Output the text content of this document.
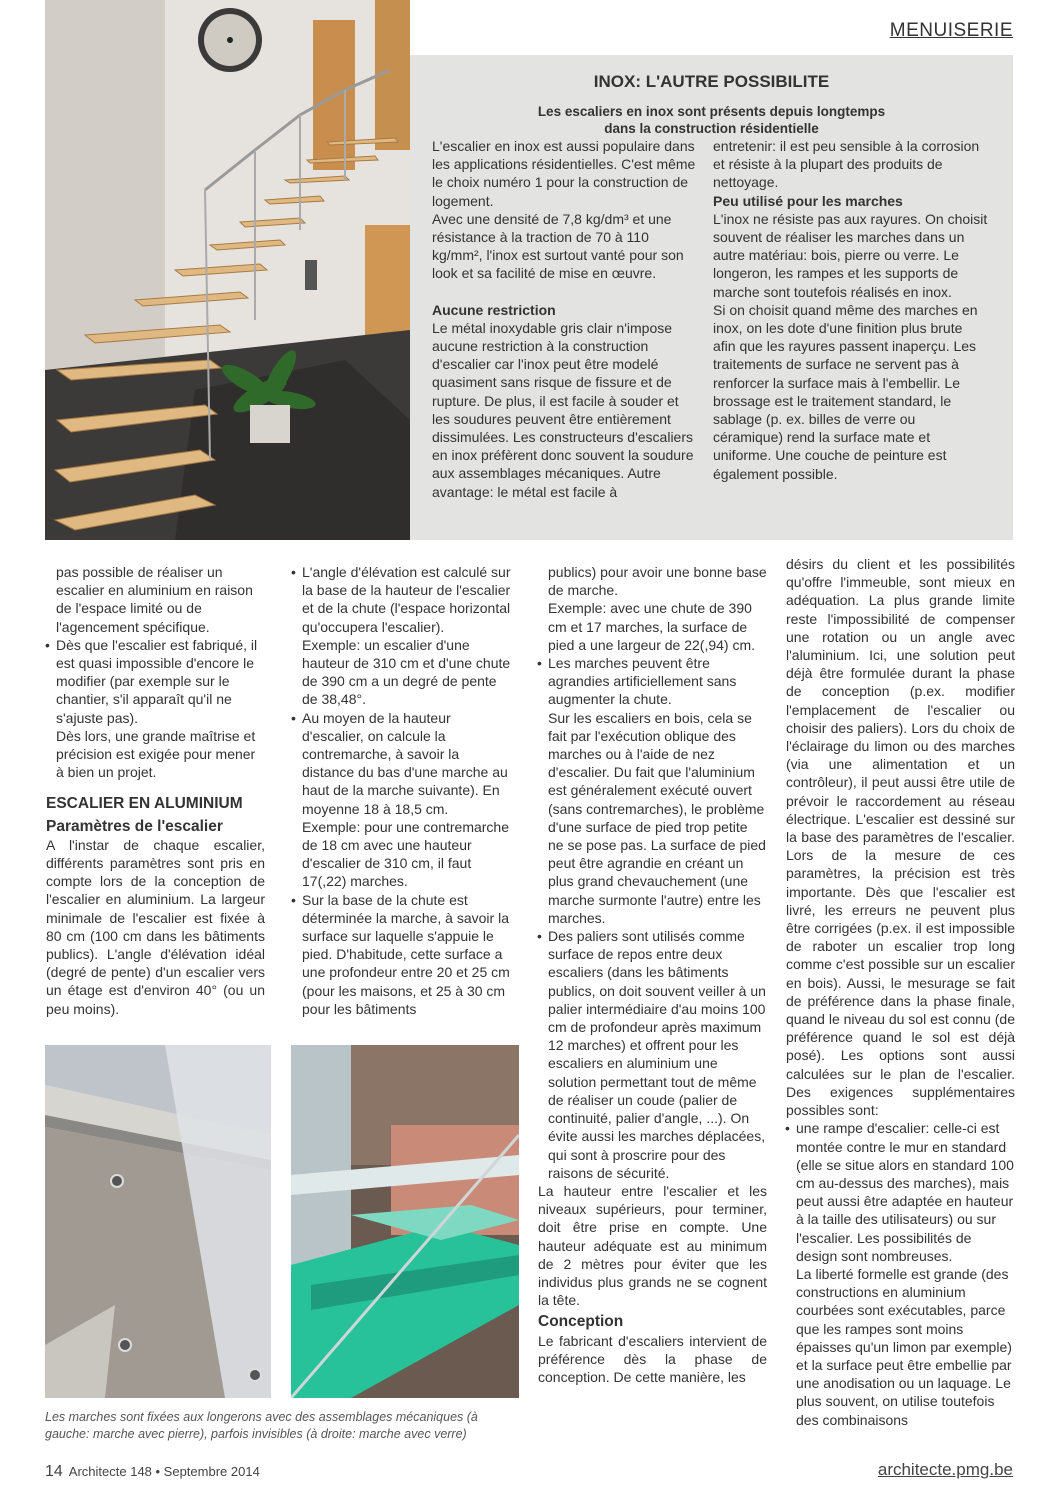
MENUISERIE
INOX: L'AUTRE POSSIBILITE
Les escaliers en inox sont présents depuis longtemps
dans la construction résidentielle

L'escalier en inox est aussi populaire dans les applications résidentielles. C'est même le choix numéro 1 pour la construction de logement.

Avec une densité de 7,8 kg/dm³ et une résistance à la traction de 70 à 110 kg/mm², l'inox est surtout vanté pour son look et sa facilité de mise en œuvre.

Aucune restriction

Le métal inoxydable gris clair n'impose aucune restriction à la construction d'escalier car l'inox peut être modelé quasiment sans risque de fissure et de rupture. De plus, il est facile à souder et les soudures peuvent être entièrement dissimulées. Les constructeurs d'escaliers en inox préfèrent donc souvent la soudure aux assemblages mécaniques. Autre avantage: le métal est facile à

entretenir: il est peu sensible à la corrosion et résiste à la plupart des produits de nettoyage.

Peu utilisé pour les marches

L'inox ne résiste pas aux rayures. On choisit souvent de réaliser les marches dans un autre matériau: bois, pierre ou verre. Le longeron, les rampes et les supports de marche sont toutefois réalisés en inox.

Si on choisit quand même des marches en inox, on les dote d'une finition plus brute afin que les rayures passent inaperçu. Les traitements de surface ne servent pas à renforcer la surface mais à l'embellir. Le brossage est le traitement standard, le sablage (p. ex. billes de verre ou céramique) rend la surface mate et uniforme. Une couche de peinture est également possible.

pas possible de réaliser un escalier en aluminium en raison de l'espace limité ou de l'agencement spécifique.

• Dès que l'escalier est fabriqué, il est quasi impossible d'encore le modifier (par exemple sur le chantier, s'il apparaît qu'il ne s'ajuste pas).

Dès lors, une grande maîtrise et précision est exigée pour mener à bien un projet.

ESCALIER EN ALUMINIUM

Paramètres de l'escalier

A l'instar de chaque escalier, différents paramètres sont pris en compte lors de la conception de l'escalier en aluminium. La largeur minimale de l'escalier est fixée à 80 cm (100 cm dans les bâtiments publics). L'angle d'élévation idéal (degré de pente) d'un escalier vers un étage est d'environ 40° (ou un peu moins).

• L'angle d'élévation est calculé sur la base de la hauteur de l'escalier et de la chute (l'espace horizontal qu'occupera l'escalier).

Exemple: un escalier d'une hauteur de 310 cm et d'une chute de 390 cm a un degré de pente de 38,48°.

• Au moyen de la hauteur d'escalier, on calcule la contremarche, à savoir la distance du bas d'une marche au haut de la marche suivante). En moyenne 18 à 18,5 cm.

Exemple: pour une contremarche de 18 cm avec une hauteur d'escalier de 310 cm, il faut 17(,22) marches.

• Sur la base de la chute est déterminée la marche, à savoir la surface sur laquelle s'appuie le pied. D'habitude, cette surface a une profondeur entre 20 et 25 cm (pour les maisons, et 25 à 30 cm pour les bâtiments

publics) pour avoir une bonne base de marche.

Exemple: avec une chute de 390 cm et 17 marches, la surface de pied a une largeur de 22(,94) cm.

• Les marches peuvent être agrandies artificiellement sans augmenter la chute.

Sur les escaliers en bois, cela se fait par l'exécution oblique des marches ou à l'aide de nez d'escalier. Du fait que l'aluminium est généralement exécuté ouvert (sans contremarches), le problème d'une surface de pied trop petite ne se pose pas. La surface de pied peut être agrandie en créant un plus grand chevauchement (une marche surmonte l'autre) entre les marches.

• Des paliers sont utilisés comme surface de repos entre deux escaliers (dans les bâtiments publics, on doit souvent veiller à un palier intermédiaire d'au moins 100 cm de profondeur après maximum 12 marches) et offrent pour les escaliers en aluminium une solution permettant tout de même de réaliser un coude (palier de continuité, palier d'angle, ...). On évite aussi les marches déplacées, qui sont à proscrire pour des raisons de sécurité.

La hauteur entre l'escalier et les niveaux supérieurs, pour terminer, doit être prise en compte. Une hauteur adéquate est au minimum de 2 mètres pour éviter que les individus plus grands ne se cognent la tête.

Conception

Le fabricant d'escaliers intervient de préférence dès la phase de conception. De cette manière, les

désirs du client et les possibilités qu'offre l'immeuble, sont mieux en adéquation. La plus grande limite reste l'impossibilité de compenser une rotation ou un angle avec l'aluminium. Ici, une solution peut déjà être formulée durant la phase de conception (p.ex. modifier l'emplacement de l'escalier ou choisir des paliers). Lors du choix de l'éclairage du limon ou des marches (via une alimentation et un contrôleur), il peut aussi être utile de prévoir le raccordement au réseau électrique. L'escalier est dessiné sur la base des paramètres de l'escalier. Lors de la mesure de ces paramètres, la précision est très importante. Dès que l'escalier est livré, les erreurs ne peuvent plus être corrigées (p.ex. il est impossible de raboter un escalier trop long comme c'est possible sur un escalier en bois). Aussi, le mesurage se fait de préférence dans la phase finale, quand le niveau du sol est connu (de préférence quand le sol est déjà posé). Les options sont aussi calculées sur le plan de l'escalier. Des exigences supplémentaires possibles sont:

• une rampe d'escalier: celle-ci est montée contre le mur en standard (elle se situe alors en standard 100 cm au-dessus des marches), mais peut aussi être adaptée en hauteur à la taille des utilisateurs) ou sur l'escalier. Les possibilités de design sont nombreuses.

La liberté formelle est grande (des constructions en aluminium courbées sont exécutables, parce que les rampes sont moins épaisses qu'un limon par exemple) et la surface peut être embellie par une anodisation ou un laquage. Le plus souvent, on utilise toutefois des combinaisons

Les marches sont fixées aux longerons avec des assemblages mécaniques (à gauche: marche avec pierre), parfois invisibles (à droite: marche avec verre)
14 Architecte 148 • Septembre 2014	architecte.pmg.be
